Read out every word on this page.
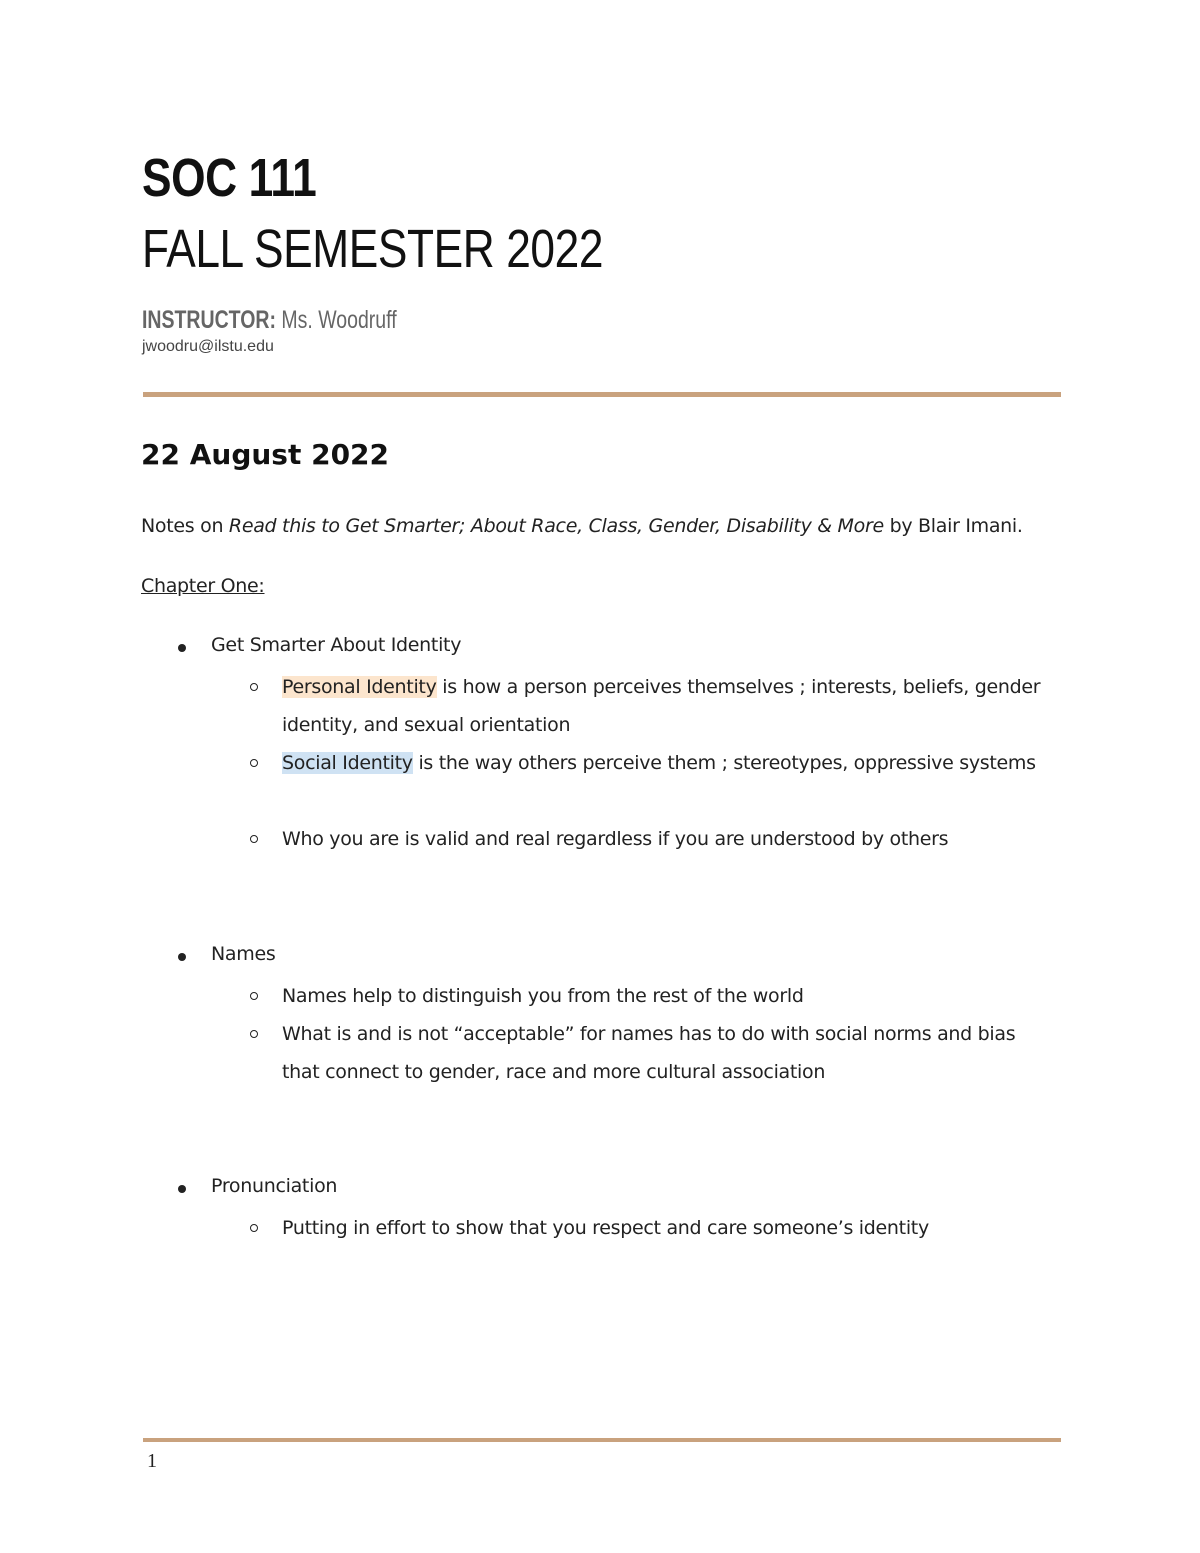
SOC 111
FALL SEMESTER 2022
INSTRUCTOR: Ms. Woodruff
jwoodru@ilstu.edu
22 August 2022
Notes on Read this to Get Smarter; About Race, Class, Gender, Disability & More by Blair Imani.
Chapter One:
Get Smarter About Identity
Personal Identity is how a person perceives themselves ; interests, beliefs, gender identity, and sexual orientation
Social Identity is the way others perceive them ; stereotypes, oppressive systems
Who you are is valid and real regardless if you are understood by others
Names
Names help to distinguish you from the rest of the world
What is and is not “acceptable” for names has to do with social norms and bias that connect to gender, race and more cultural association
Pronunciation
Putting in effort to show that you respect and care someone’s identity
1
